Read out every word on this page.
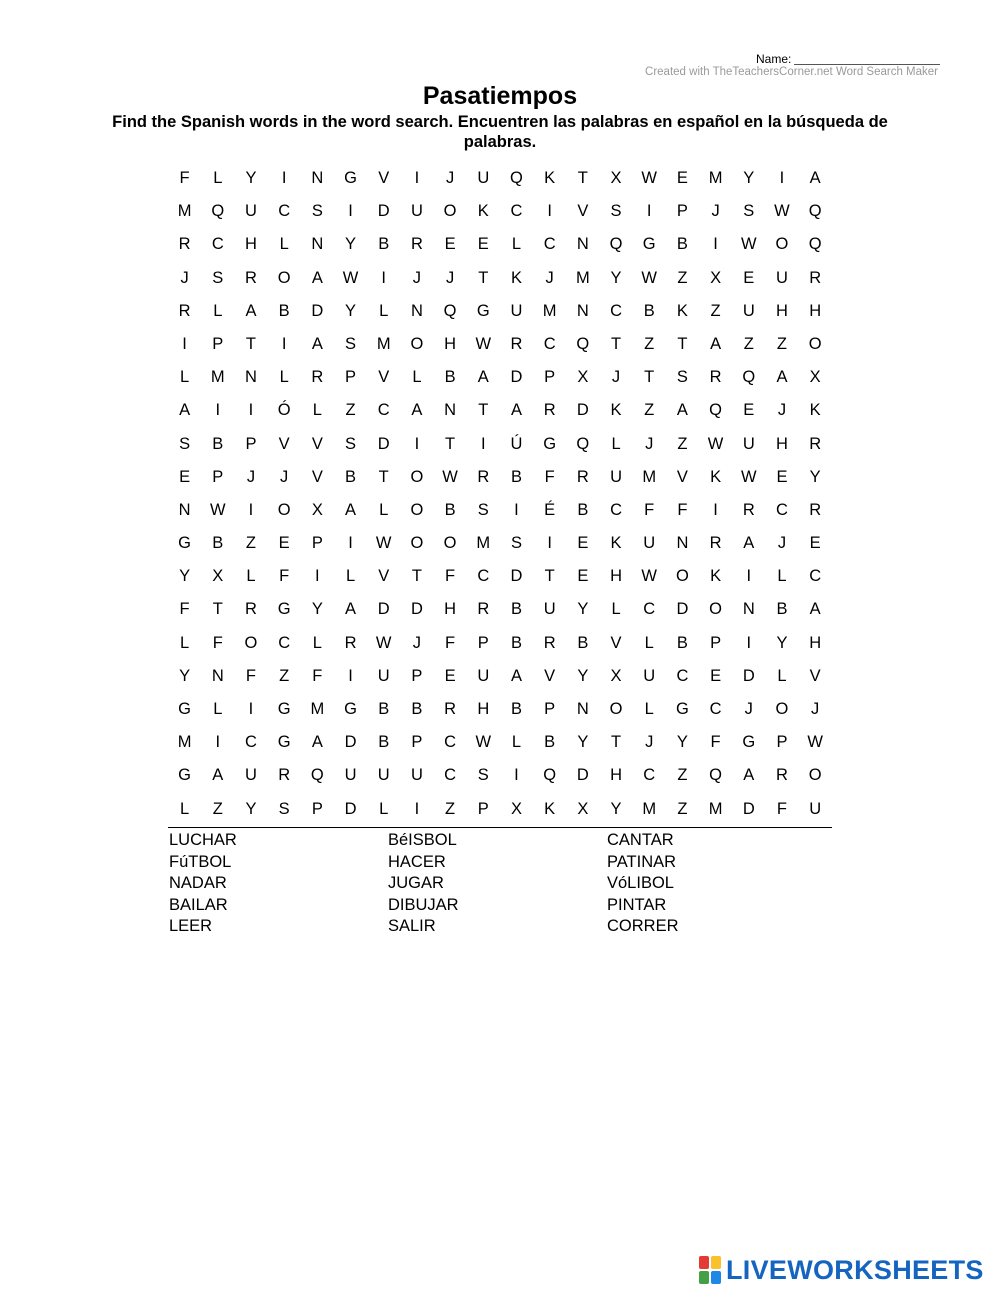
Name:
Created with TheTeachersCorner.net Word Search Maker
Pasatiempos
Find the Spanish words in the word search. Encuentren las palabras en español en la búsqueda de palabras.
F	L	Y	I	N	G	V	I	J	U	Q	K	T	X	W	E	M	Y	I	A
M	Q	U	C	S	I	D	U	O	K	C	I	V	S	I	P	J	S	W	Q
R	C	H	L	N	Y	B	R	E	E	L	C	N	Q	G	B	I	W	O	Q
J	S	R	O	A	W	I	J	J	T	K	J	M	Y	W	Z	X	E	U	R
R	L	A	B	D	Y	L	N	Q	G	U	M	N	C	B	K	Z	U	H	H
I	P	T	I	A	S	M	O	H	W	R	C	Q	T	Z	T	A	Z	Z	O
L	M	N	L	R	P	V	L	B	A	D	P	X	J	T	S	R	Q	A	X
A	I	I	Ó	L	Z	C	A	N	T	A	R	D	K	Z	A	Q	E	J	K
S	B	P	V	V	S	D	I	T	I	Ú	G	Q	L	J	Z	W	U	H	R
E	P	J	J	V	B	T	O	W	R	B	F	R	U	M	V	K	W	E	Y
N	W	I	O	X	A	L	O	B	S	I	É	B	C	F	F	I	R	C	R
G	B	Z	E	P	I	W	O	O	M	S	I	E	K	U	N	R	A	J	E
Y	X	L	F	I	L	V	T	F	C	D	T	E	H	W	O	K	I	L	C
F	T	R	G	Y	A	D	D	H	R	B	U	Y	L	C	D	O	N	B	A
L	F	O	C	L	R	W	J	F	P	B	R	B	V	L	B	P	I	Y	H
Y	N	F	Z	F	I	U	P	E	U	A	V	Y	X	U	C	E	D	L	V
G	L	I	G	M	G	B	B	R	H	B	P	N	O	L	G	C	J	O	J
M	I	C	G	A	D	B	P	C	W	L	B	Y	T	J	Y	F	G	P	W
G	A	U	R	Q	U	U	U	C	S	I	Q	D	H	C	Z	Q	A	R	O
L	Z	Y	S	P	D	L	I	Z	P	X	K	X	Y	M	Z	M	D	F	U
LUCHAR	BéISBOL	CANTAR
FúTBOL	HACER	PATINAR
NADAR	JUGAR	VóLIBOL
BAILAR	DIBUJAR	PINTAR
LEER	SALIR	CORRER
LIVEWORKSHEETS
